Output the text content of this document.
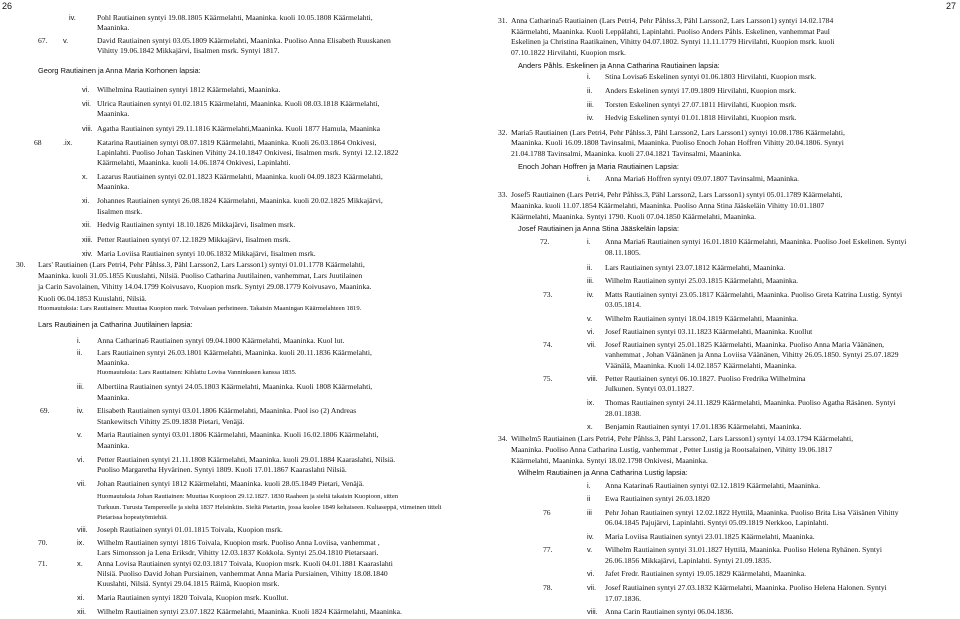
26	27
iv.	Pohl Rautiainen syntyi 19.08.1805 Käärmelahti, Maaninka. kuoli 10.05.1808 Käärmelahti,
Maaninka.
67. v.	David Rautiainen syntyi 03.05.1809 Käärmelahti, Maaninka. Puoliso Anna Elisabeth Ruuskanen
Vihitty 19.06.1842 Mikkajärvi, Iisalmen msrk. Syntyi 1817.
Georg Rautiainen ja Anna Maria Korhonen lapsia:
vi. Wilhelmina Rautiainen syntyi 1812 Käärmelahti, Maaninka.
vii. Ulrica Rautiainen syntyi 01.02.1815 Käärmelahti, Maaninka. Kuoli 08.03.1818 Käärmelahti,
Maaninka.
viii. Agatha Rautiainen syntyi 29.11.1816 Käärmelahti,Maaninka. Kuoli 1877 Hamula, Maaninka
68	.ix.	Katarina Rautiainen syntyi 08.07.1819 Käärmelahti, Maaninka. Kuoli 26.03.1864 Onkivesi,
Lapinlahti. Puoliso Johan Taskinen Vihitty 24.10.1847 Onkivesi, Iisalmen msrk. Syntyi 12.12.1822
Käärmelahti, Maaninka. kuoli 14.06.1874 Onkivesi, Lapinlahti.
x. Lazarus Rautiainen syntyi 02.01.1823 Käärmelahti, Maaninka. kuoli 04.09.1823 Käärmelahti,
Maaninka.
xi. Johannes Rautiainen syntyi 26.08.1824 Käärmelahti, Maaninka. kuoli 20.02.1825 Mikkajärvi,
Iisalmen msrk.
xii. Hedvig Rautiainen syntyi 18.10.1826 Mikkajärvi, Iisalmen msrk.
xiii. Petter Rautiainen syntyi 07.12.1829 Mikkajärvi, Iisalmen msrk.
xiv. Maria Loviisa Rautiainen syntyi 10.06.1832 Mikkajärvi, Iisalmen msrk.
30. Lars' Rautiainen (Lars Petri4, Pehr Påhlss.3, Pähl Larsson2, Lars Larsson1) syntyi 01.01.1778 Käärmelahti,
Maaninka. kuoli 31.05.1855 Kuuslahti, Nilsiä. Puoliso Catharina Juutilainen, vanhemmat, Lars Juutilainen
ja Carin Savolainen, Vihitty 14.04.1799 Koivusavo, Kuopion msrk. Syntyi 29.08.1779 Koivusavo, Maaninka.
Kuoli 06.04.1853 Kuuslahti, Nilsiä.
Huomautuksia: Lars Rautiainen: Muuttaa Kuopion msrk. Toivalaan perheineen. Takaisin Maaningan Käärmelahteen 1819.
Lars Rautiainen ja Catharina Juutilainen lapsia:
i. Anna Catharina6 Rautiainen syntyi 09.04.1800 Käärmelahti, Maaninka. Kuol lut.
ii. Lars Rautiainen syntyi 26.03.1801 Käärmelahti, Maaninka. kuoli 20.11.1836 Käärmelahti,
Maaninka.
Huomautuksia: Lars Rautiainen: Kihlattu Lovisa Vanninkasen kanssa 1835.
iii. Albertiina Rautiainen syntyi 24.05.1803 Käärmelahti, Maaninka. Kuoli 1808 Käärmelahti,
Maaninka.
69.	iv. Elisabeth Rautiainen syntyi 03.01.1806 Käärmelahti, Maaninka. Puol iso (2) Andreas
Stankewitsch Vihitty 25.09.1838 Pietari, Venäjä.
v. Maria Rautiainen syntyi 03.01.1806 Käärmelahti, Maaninka. Kuoli 16.02.1806 Käärmelahti,
Maaninka.
vi. Petter Rautiainen syntyi 21.11.1808 Käärmelahti, Maaninka. kuoli 29.01.1884 Kaaraslahti, Nilsiä.
Puoliso Margaretha Hyvärinen. Syntyi 1809. Kuoli 17.01.1867 Kaaraslahti Nilsiä.
vii. Johan Rautiainen syntyi 1812 Käärmelahti, Maaninka. kuoli 28.05.1849 Pietari, Venäjä.
Huomautuksia Johan Rautiainen: Muuttaa Kuopioon 29.12.1827. 1830 Raaheen ja sieltä takaisin Kuopioon, sitten
Turkuun. Turusta Tampereelle ja sieltä 1837 Helsinkiin. Sieltä Pietariin, jossa kuolee 1849 keltaiseen. Kultaseppä, viimeinen titteli
Pietarissa hopeatyömiehiä.
viii. Joseph Rautiainen syntyi 01.01.1815 Toivala, Kuopion msrk.
70.	ix. Wilhelm Rautiainen syntyi 1816 Toivala, Kuopion msrk. Puoliso Anna Loviisa, vanhemmat ,
Lars Simonsson ja Lena Eriksdr, Vihitty 12.03.1837 Kokkola. Syntyi 25.04.1810 Pietarsaari.
71.	x. Anna Lovisa Rautiainen syntyi 02.03.1817 Toivala, Kuopion msrk. Kuoli 04.01.1881 Kaaraslahti
Nilsiä. Puoliso David Johan Pursiainen, vanhemmat Anna Maria Pursiainen, Vihitty 18.08.1840
Kuuslahti, Nilsiä. Syntyi 29.04.1815 Räimä, Kuopion msrk.
xi. Maria Rautiainen syntyi 1820 Toivala, Kuopion msrk. Kuollut.
xii. Wilhelm Rautiainen syntyi 23.07.1822 Käärmelahti, Maaninka. Kuoli 1824 Käärmelahti, Maaninka.
31. Anna Catharina5 Rautiainen (Lars Petri4, Pehr Påhlss.3, Pähl Larsson2, Lars Larsson1) syntyi 14.02.1784
Käärmelahti, Maaninka. Kuoli Leppälahti, Lapinlahti. Puoliso Anders Påhls. Eskelinen, vanhemmat Paul
Eskelinen ja Christina Raatikainen, Vihitty 04.07.1802. Syntyi 11.11.1779 Hirvilahti, Kuopion msrk. kuoli
07.10.1822 Hirvilahti, Kuopion msrk.
Anders Påhls. Eskelinen ja Anna Catharina Rautiainen lapsia:
i. Stina Lovisa6 Eskelinen syntyi 01.06.1803 Hirvilahti, Kuopion msrk.
ii. Anders Eskelinen syntyi 17.09.1809 Hirvilahti, Kuopion msrk.
iii. Torsten Eskelinen syntyi 27.07.1811 Hirvilahti, Kuopion msrk.
iv. Hedvig Eskelinen syntyi 01.01.1818 Hirvilahti, Kuopion msrk.
32. Maria5 Rautiainen (Lars Petri4, Pehr Påhlss.3, Pähl Larsson2, Lars Larsson1) syntyi 10.08.1786 Käärmelahti,
Maaninka. Kuoli 16.09.1808 Tavinsalmi, Maaninka. Puoliso Enoch Johan Hoffren Vihitty 20.04.1806. Syntyi
21.04.1788 Tavinsalmi, Maaninka. kuoli 27.04.1821 Tavinsalmi, Maaninka.
Enoch Johan Hoffren ja Maria Rautiainen Lapsia:
i. Anna Maria6 Hoffren syntyi 09.07.1807 Tavinsalmi, Maaninka.
33. Josef5 Rautiainen (Lars Petri4, Pehr Påhlss.3, Pähl Larsson2, Lars Larsson1) syntyi 05.01.1789 Käärmelahti,
Maaninka. kuoli 11.07.1854 Käärmelahti, Maaninka. Puoliso Anna Stina Jääskeläin Vihitty 10.01.1807
Käärmelahti, Maaninka. Syntyi 1790. Kuoli 07.04.1850 Käärmelahti, Maaninka.
Josef Rautiainen ja Anna Stina Jääskeläin lapsia:
72.	i. Anna Maria6 Rautiainen syntyi 16.01.1810 Käärmelahti, Maaninka. Puoliso Joel Eskelinen. Syntyi
08.11.1805.
ii. Lars Rautiainen syntyi 23.07.1812 Käärmelahti, Maaninka.
iii. Wilhelm Rautiainen syntyi 25.03.1815 Käärmelahti, Maaninka.
73.	iv. Matts Rautiainen syntyi 23.05.1817 Käärmelahti, Maaninka. Puoliso Greta Katrina Lustig. Syntyi
03.05.1814.
v. Wilhelm Rautiainen syntyi 18.04.1819 Käärmelahti, Maaninka.
vi. Josef Rautiainen syntyi 03.11.1823 Käärmelahti, Maaninka. Kuollut
74.	vii. Josef Rautiainen syntyi 25.01.1825 Käärmelahti, Maaninka. Puoliso Anna Maria Väänänen,
vanhemmat , Johan Väänänen ja Anna Loviisa Väänänen, Vihitty 26.05.1850. Syntyi 25.07.1829
Väänälä, Maaninka. Kuoli 14.02.1857 Käärmelahti, Maaninka.
75.	viii. Petter Rautiainen syntyi 06.10.1827. Puoliso Fredrika Wilhelmina
Julkunen. Syntyi 03.01.1827.
ix. Thomas Rautiainen syntyi 24.11.1829 Käärmelahti, Maaninka. Puoliso Agatha Räsänen. Syntyi
28.01.1838.
x. Benjamin Rautiainen syntyi 17.01.1836 Käärmelahti, Maaninka.
34. Wilhelm5 Rautiainen (Lars Petri4, Pehr Påhlss.3, Pähl Larsson2, Lars Larsson1) syntyi 14.03.1794 Käärmelahti,
Maaninka. Puoliso Anna Catharina Lustig, vanhemmat , Petter Lustig ja Rootsalainen, Vihitty 19.06.1817
Käärmelahti, Maaninka. Syntyi 18.02.1798 Onkivesi, Maaninka.
Wilhelm Rautiainen ja Anna Catharina Lustig lapsia:
i. Anna Katarina6 Rautiainen syntyi 02.12.1819 Käärmelahti, Maaninka.
ii Ewa Rautiainen syntyi 26.03.1820
76	iii Pehr Johan Rautiainen syntyi 12.02.1822 Hyttilä, Maaninka. Puoliso Brita Lisa Väisänen Vihitty
06.04.1845 Pajujärvi, Lapinlahti. Syntyi 05.09.1819 Nerkkoo, Lapinlahti.
iv. Maria Loviisa Rautiainen syntyi 23.01.1825 Käärmelahti, Maaninka.
77.	v. Wilhelm Rautiainen syntyi 31.01.1827 Hyttilä, Maaninka. Puoliso Helena Ryhänen. Syntyi
26.06.1856 Mikkajärvi, Lapinlahti. Syntyi 21.09.1835.
vi. Jafet Fredr. Rautiainen syntyi 19.05.1829 Käärmelahti, Maaninka.
78.	vii. Josef Rautiainen syntyi 27.03.1832 Käärmelahti, Maaninka. Puoliso Helena Halonen. Syntyi
17.07.1836.
viii. Anna Carin Rautiainen syntyi 06.04.1836.
